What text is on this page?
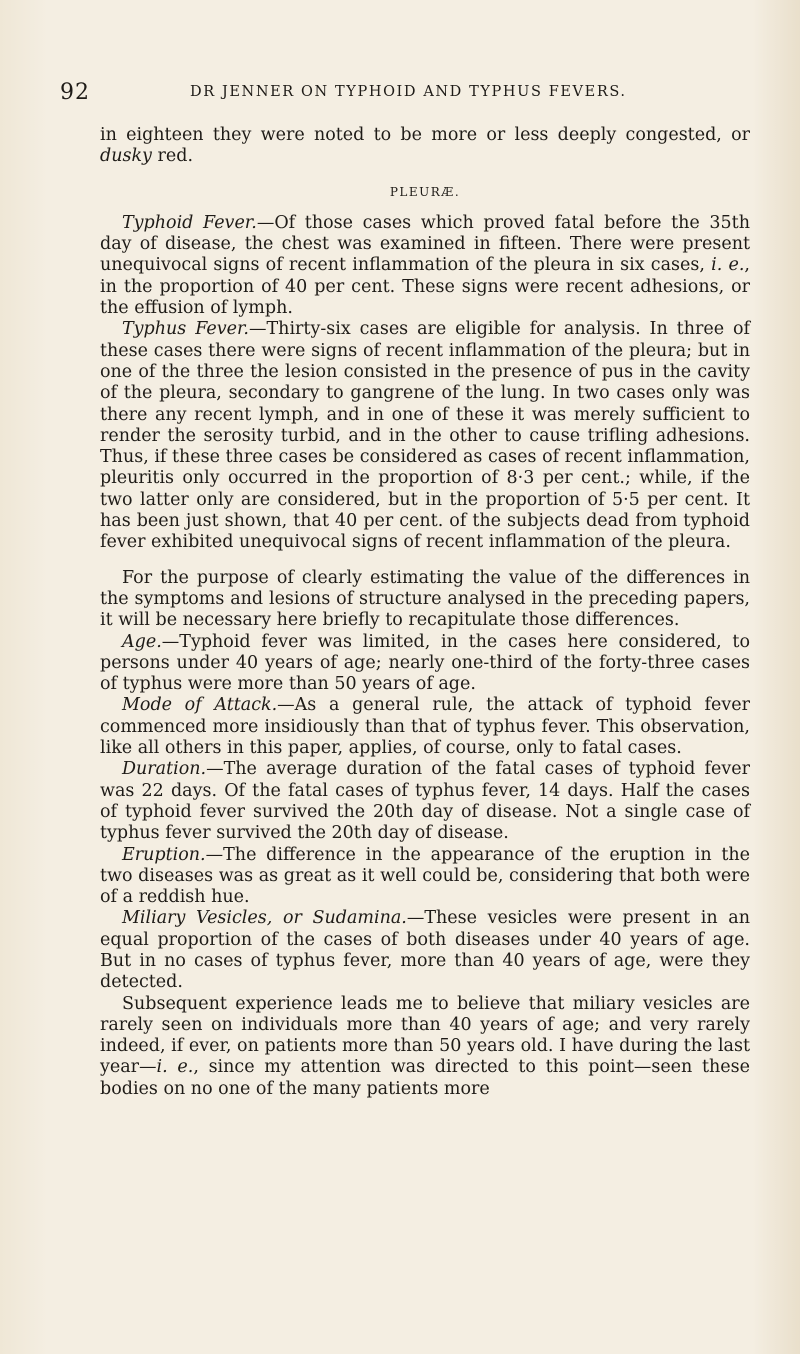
92	DR JENNER ON TYPHOID AND TYPHUS FEVERS.

in eighteen they were noted to be more or less deeply congested, or dusky red.

PLEURÆ.

Typhoid Fever.—Of those cases which proved fatal before the 35th day of disease, the chest was examined in fifteen. There were present unequivocal signs of recent inflammation of the pleura in six cases, i. e., in the proportion of 40 per cent. These signs were recent adhesions, or the effusion of lymph.

Typhus Fever.—Thirty-six cases are eligible for analysis. In three of these cases there were signs of recent inflammation of the pleura; but in one of the three the lesion consisted in the presence of pus in the cavity of the pleura, secondary to gangrene of the lung. In two cases only was there any recent lymph, and in one of these it was merely sufficient to render the serosity turbid, and in the other to cause trifling adhesions. Thus, if these three cases be considered as cases of recent inflammation, pleuritis only occurred in the proportion of 8·3 per cent.; while, if the two latter only are considered, but in the proportion of 5·5 per cent. It has been just shown, that 40 per cent. of the subjects dead from typhoid fever exhibited unequivocal signs of recent inflammation of the pleura.

For the purpose of clearly estimating the value of the differences in the symptoms and lesions of structure analysed in the preceding papers, it will be necessary here briefly to recapitulate those differences.

Age.—Typhoid fever was limited, in the cases here considered, to persons under 40 years of age; nearly one-third of the forty-three cases of typhus were more than 50 years of age.

Mode of Attack.—As a general rule, the attack of typhoid fever commenced more insidiously than that of typhus fever. This observation, like all others in this paper, applies, of course, only to fatal cases.

Duration.—The average duration of the fatal cases of typhoid fever was 22 days. Of the fatal cases of typhus fever, 14 days. Half the cases of typhoid fever survived the 20th day of disease. Not a single case of typhus fever survived the 20th day of disease.

Eruption.—The difference in the appearance of the eruption in the two diseases was as great as it well could be, considering that both were of a reddish hue.

Miliary Vesicles, or Sudamina.—These vesicles were present in an equal proportion of the cases of both diseases under 40 years of age. But in no cases of typhus fever, more than 40 years of age, were they detected.

Subsequent experience leads me to believe that miliary vesicles are rarely seen on individuals more than 40 years of age; and very rarely indeed, if ever, on patients more than 50 years old. I have during the last year—i. e., since my attention was directed to this point—seen these bodies on no one of the many patients more
